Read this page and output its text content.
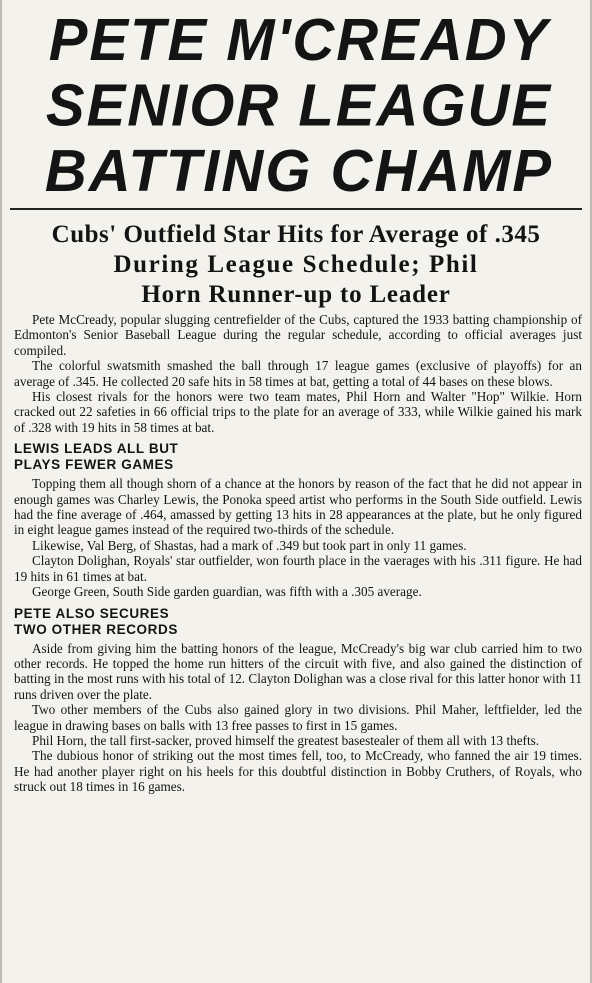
PETE M'CREADY
SENIOR LEAGUE
BATTING CHAMP
Cubs' Outfield Star Hits for Average of .345
During League Schedule; Phil
Horn Runner-up to Leader

Pete McCready, popular slugging centrefielder of the Cubs, captured the 1933 batting championship of Edmonton's Senior Baseball League during the regular schedule, according to official averages just compiled.

The colorful swatsmith smashed the ball through 17 league games (exclusive of playoffs) for an average of .345. He collected 20 safe hits in 58 times at bat, getting a total of 44 bases on these blows.

His closest rivals for the honors were two team mates, Phil Horn and Walter "Hop" Wilkie. Horn cracked out 22 safeties in 66 official trips to the plate for an average of 333, while Wilkie gained his mark of .328 with 19 hits in 58 times at bat.

LEWIS LEADS ALL BUT
PLAYS FEWER GAMES

Topping them all though shorn of a chance at the honors by reason of the fact that he did not appear in enough games was Charley Lewis, the Ponoka speed artist who performs in the South Side outfield. Lewis had the fine average of .464, amassed by getting 13 hits in 28 appearances at the plate, but he only figured in eight league games instead of the required two-thirds of the schedule.

Likewise, Val Berg, of Shastas, had a mark of .349 but took part in only 11 games.

Clayton Dolighan, Royals' star outfielder, won fourth place in the vaerages with his .311 figure. He had 19 hits in 61 times at bat.

George Green, South Side garden guardian, was fifth with a .305 average.

PETE ALSO SECURES
TWO OTHER RECORDS

Aside from giving him the batting honors of the league, McCready's big war club carried him to two other records. He topped the home run hitters of the circuit with five, and also gained the distinction of batting in the most runs with his total of 12. Clayton Dolighan was a close rival for this latter honor with 11 runs driven over the plate.

Two other members of the Cubs also gained glory in two divisions. Phil Maher, leftfielder, led the league in drawing bases on balls with 13 free passes to first in 15 games.

Phil Horn, the tall first-sacker, proved himself the greatest basestealer of them all with 13 thefts.

The dubious honor of striking out the most times fell, too, to McCready, who fanned the air 19 times. He had another player right on his heels for this doubtful distinction in Bobby Cruthers, of Royals, who struck out 18 times in 16 games.
